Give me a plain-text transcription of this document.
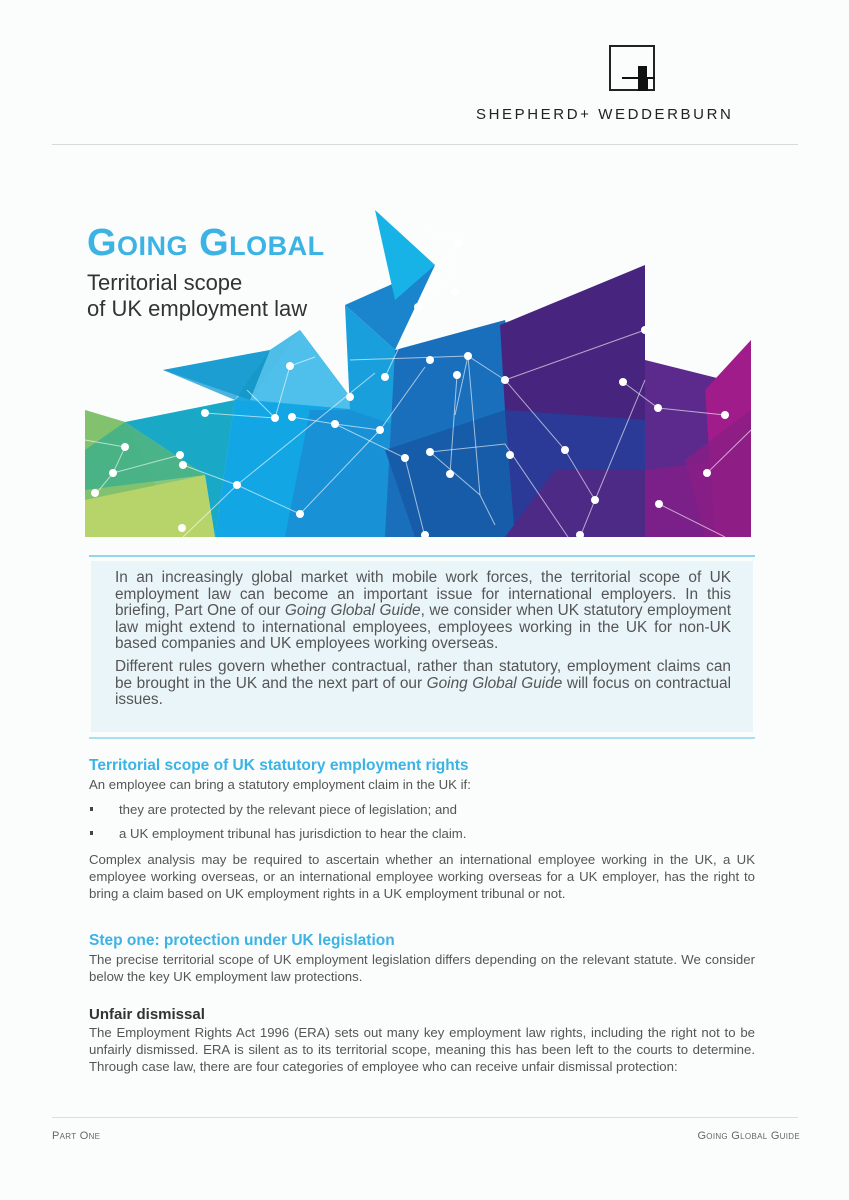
SHEPHERD+ WEDDERBURN
Going Global
Territorial scope
of UK employment law

In an increasingly global market with mobile work forces, the territorial scope of UK employment law can become an important issue for international employers. In this briefing, Part One of our Going Global Guide, we consider when UK statutory employment law might extend to international employees, employees working in the UK for non-UK based companies and UK employees working overseas.

Different rules govern whether contractual, rather than statutory, employment claims can be brought in the UK and the next part of our Going Global Guide will focus on contractual issues.

Territorial scope of UK statutory employment rights

An employee can bring a statutory employment claim in the UK if:

they are protected by the relevant piece of legislation; and
a UK employment tribunal has jurisdiction to hear the claim.

Complex analysis may be required to ascertain whether an international employee working in the UK, a UK employee working overseas, or an international employee working overseas for a UK employer, has the right to bring a claim based on UK employment rights in a UK employment tribunal or not.

Step one: protection under UK legislation

The precise territorial scope of UK employment legislation differs depending on the relevant statute. We consider below the key UK employment law protections.

Unfair dismissal

The Employment Rights Act 1996 (ERA) sets out many key employment law rights, including the right not to be unfairly dismissed. ERA is silent as to its territorial scope, meaning this has been left to the courts to determine. Through case law, there are four categories of employee who can receive unfair dismissal protection:

Part One	Going Global Guide
